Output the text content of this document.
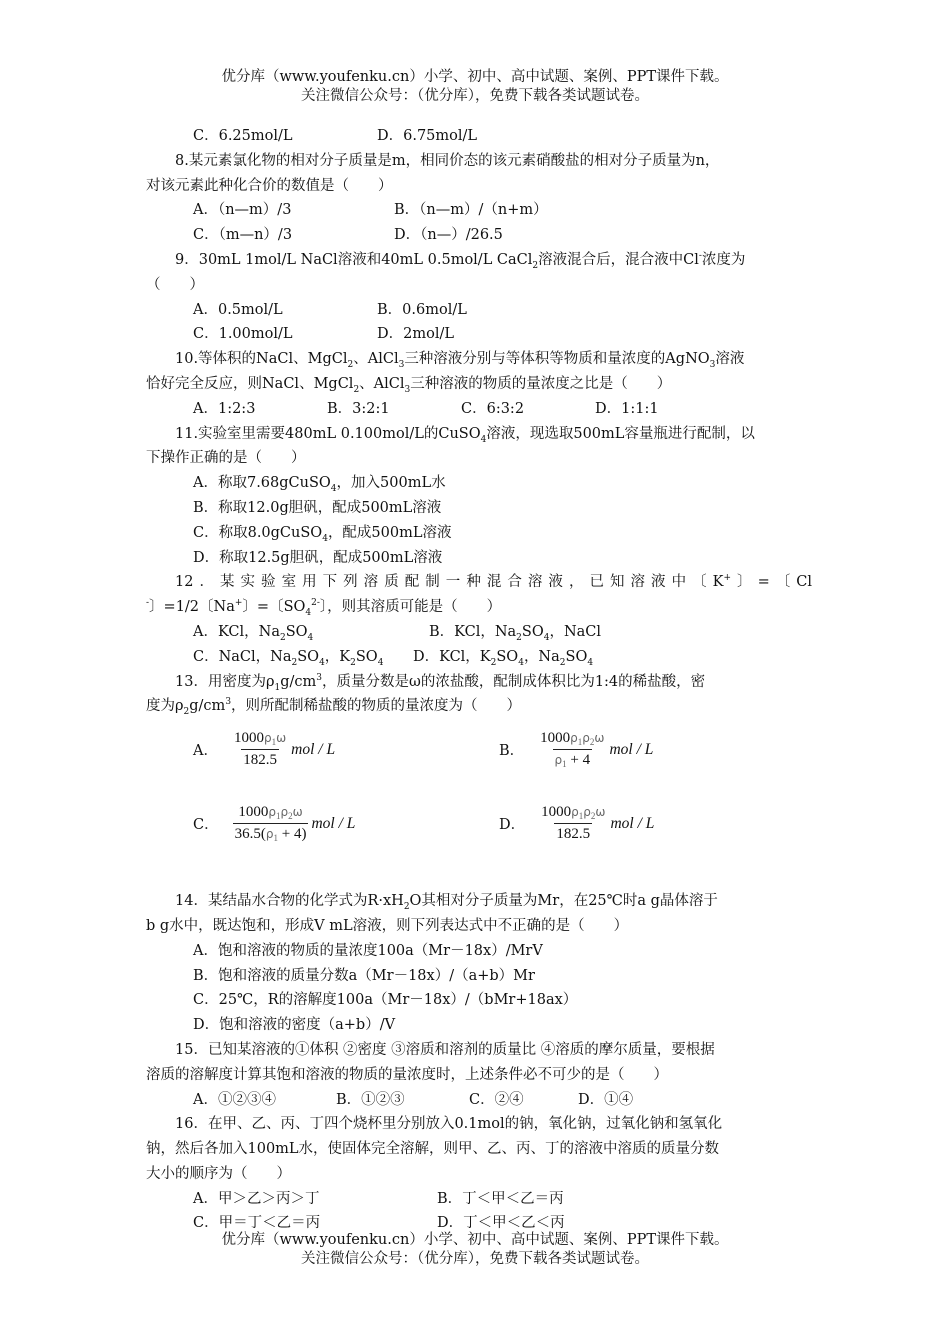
优分库（www.youfenku.cn）小学、初中、高中试题、案例、PPT课件下载。
关注微信公众号：（优分库），免费下载各类试题试卷。
C．6.25mol/L	D．6.75mol/L
8.某元素氯化物的相对分子质量是m，相同价态的该元素硝酸盐的相对分子质量为n，
对该元素此种化合价的数值是（　　）
A．（n—m）/3	B．（n—m）/（n+m）
C．（m—n）/3	D．（n—）/26.5
9．30mL 1mol/L NaCl溶液和40mL 0.5mol/L CaCl$_2$溶液混合后，混合液中Cl-浓度为
（　　）
A．0.5mol/L	B．0.6mol/L
C．1.00mol/L	D．2mol/L
10.等体积的NaCl、MgCl$_2$、AlCl$_3$三种溶液分别与等体积等物质和量浓度的AgNO$_3$溶液
恰好完全反应，则NaCl、MgCl$_2$、AlCl$_3$三种溶液的物质的量浓度之比是（　　）
A．1:2:3	B．3:2:1	C．6:3:2	D．1:1:1
11.实验室里需要480mL 0.100mol/L的CuSO$_4$溶液，现选取500mL容量瓶进行配制，以
下操作正确的是（　　）
A．称取7.68gCuSO$_4$，加入500mL水
B．称取12.0g胆矾，配成500mL溶液
C．称取8.0gCuSO$_4$，配成500mL溶液
D．称取12.5g胆矾，配成500mL溶液
12．某实验室用下列溶质配制一种混合溶液，已知溶液中〔K+〕=〔Cl
-〕=1/2〔Na+〕=〔$SO_4^{2-}$〕，则其溶质可能是（　　）
A．KCl，$Na_2SO_4$	B．KCl，$Na_2SO_4$，NaCl
C．NaCl，$Na_2SO_4$，$K_2SO_4$ D．KCl，$K_2SO_4$，$Na_2SO_4$
13．用密度为$\rho_1g/cm^3$，质量分数是ω的浓盐酸，配制成体积比为1:4的稀盐酸，密
度为$\rho_2g/cm^3$，则所配制稀盐酸的物质的量浓度为（　　）
A． $\frac{1000\rho_1\omega}{182.5}$ mol / L	B． $\frac{1000\rho_1\rho_2\omega}{\rho_1 + 4}$ mol / L
C． $\frac{1000\rho_1\rho_2\omega}{36.5(\rho_1 + 4)}$ mol / L	D． $\frac{1000\rho_1\rho_2\omega}{182.5}$ mol / L
14．某结晶水合物的化学式为$R\cdot xH_2O$其相对分子质量为Mr，在25℃时a g晶体溶于
b g水中，既达饱和，形成V mL溶液，则下列表达式中不正确的是（　　）
A．饱和溶液的物质的量浓度100a（Mr－18x）/MrV
B．饱和溶液的质量分数a（Mr－18x）/（a+b）Mr
C．25℃，R的溶解度100a（Mr－18x）/（bMr+18ax）
D．饱和溶液的密度（a+b）/V
15．已知某溶液的①体积 ②密度 ③溶质和溶剂的质量比 ④溶质的摩尔质量，要根据
溶质的溶解度计算其饱和溶液的物质的量浓度时，上述条件必不可少的是（　　）
A．①②③④	B．①②③	C．②④	D．①④
16．在甲、乙、丙、丁四个烧杯里分别放入0.1mol的钠，氧化钠，过氧化钠和氢氧化
钠，然后各加入100mL水，使固体完全溶解，则甲、乙、丙、丁的溶液中溶质的质量分数
大小的顺序为（　　）
A．甲＞乙＞丙＞丁	B．丁＜甲＜乙＝丙
C．甲＝丁＜乙＝丙	D．丁＜甲＜乙＜丙
优分库（www.youfenku.cn）小学、初中、高中试题、案例、PPT课件下载。
关注微信公众号：（优分库），免费下载各类试题试卷。
